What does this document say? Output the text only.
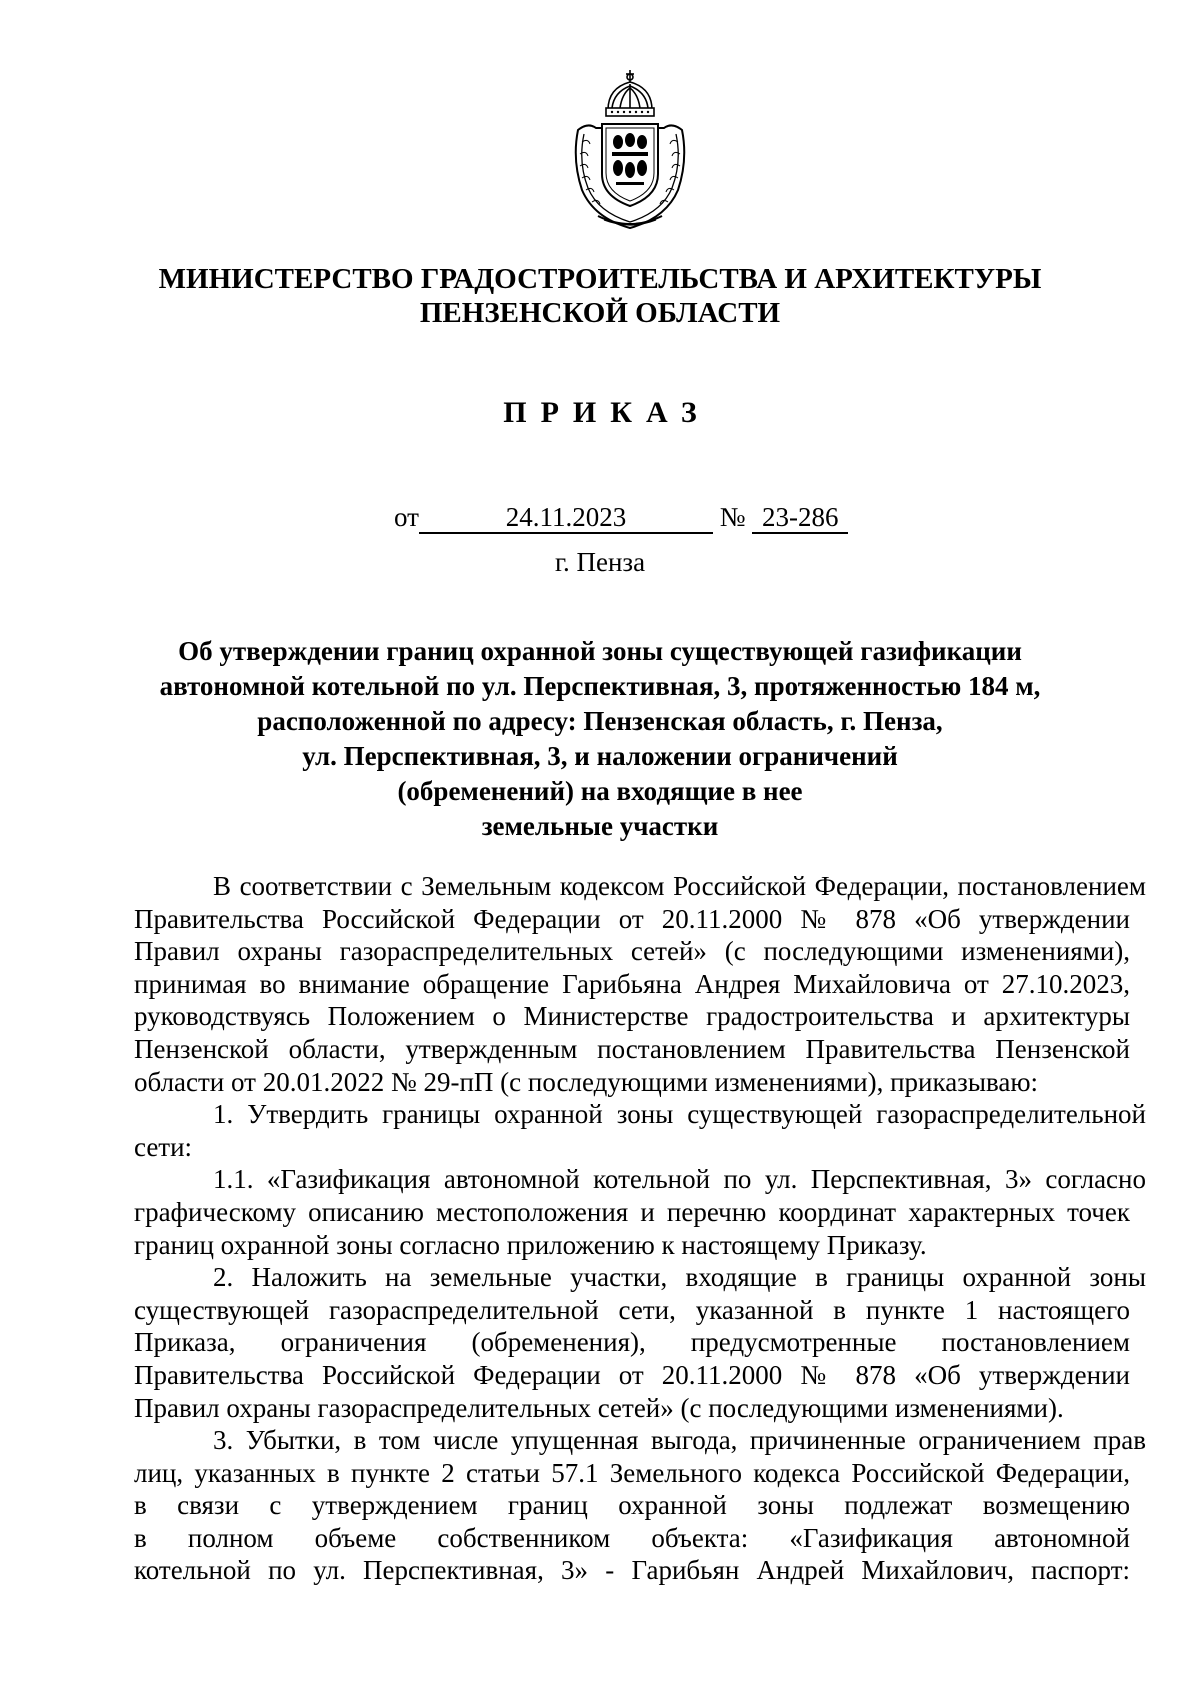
МИНИСТЕРСТВО ГРАДОСТРОИТЕЛЬСТВА И АРХИТЕКТУРЫ
ПЕНЗЕНСКОЙ ОБЛАСТИ
ПРИКАЗ
от	24.11.2023	№ 23-286
г. Пенза
Об утверждении границ охранной зоны существующей газификации
автономной котельной по ул. Перспективная, 3, протяженностью 184 м,
расположенной по адресу: Пензенская область, г. Пенза,
ул. Перспективная, 3, и наложении ограничений
(обременений) на входящие в нее
земельные участки
В соответствии с Земельным кодексом Российской Федерации, постановлением
Правительства Российской Федерации от 20.11.2000 № 878 «Об утверждении
Правил охраны газораспределительных сетей» (с последующими изменениями),
принимая во внимание обращение Гарибьяна Андрея Михайловича от 27.10.2023,
руководствуясь Положением о Министерстве градостроительства и архитектуры
Пензенской области, утвержденным постановлением Правительства Пензенской
области от 20.01.2022 № 29-пП (с последующими изменениями), приказываю:
1. Утвердить границы охранной зоны существующей газораспределительной
сети:
1.1. «Газификация автономной котельной по ул. Перспективная, 3» согласно
графическому описанию местоположения и перечню координат характерных точек
границ охранной зоны согласно приложению к настоящему Приказу.
2. Наложить на земельные участки, входящие в границы охранной зоны
существующей газораспределительной сети, указанной в пункте 1 настоящего
Приказа, ограничения (обременения), предусмотренные постановлением
Правительства Российской Федерации от 20.11.2000 № 878 «Об утверждении
Правил охраны газораспределительных сетей» (с последующими изменениями).
3. Убытки, в том числе упущенная выгода, причиненные ограничением прав
лиц, указанных в пункте 2 статьи 57.1 Земельного кодекса Российской Федерации,
в связи с утверждением границ охранной зоны подлежат возмещению
в полном объеме собственником объекта: «Газификация автономной
котельной по ул. Перспективная, 3» - Гарибьян Андрей Михайлович, паспорт:
